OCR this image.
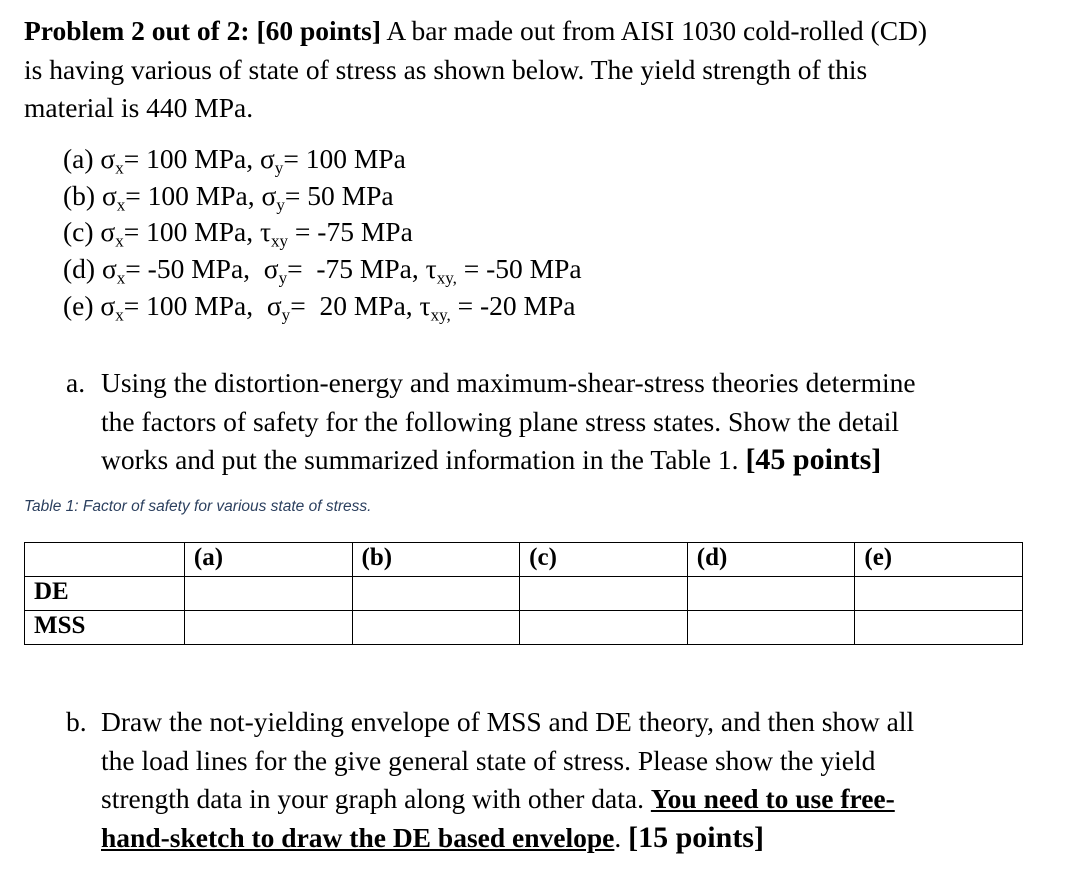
Problem 2 out of 2: [60 points] A bar made out from AISI 1030 cold-rolled (CD)
is having various of state of stress as shown below. The yield strength of this
material is 440 MPa.
(a) $\sigma_x= 100$ MPa, $\sigma_y= 100$ MPa
(b) $\sigma_x= 100$ MPa, $\sigma_y= 50$ MPa
(c) $\sigma_x= 100$ MPa, $\tau_{xy} = -75$ MPa
(d) $\sigma_x= -50$ MPa,  $\sigma_y= -75$ MPa, $\tau_{xy,} = -50$ MPa
(e) $\sigma_x= 100$ MPa,  $\sigma_y= 20$ MPa, $\tau_{xy,} = -20$ MPa
a. Using the distortion-energy and maximum-shear-stress theories determine
the factors of safety for the following plane stress states. Show the detail
works and put the summarized information in the Table 1. [45 points]
Table 1: Factor of safety for various state of stress.
	(a)	(b)	(c)	(d)	(e)
DE					
MSS					
b. Draw the not-yielding envelope of MSS and DE theory, and then show all
the load lines for the give general state of stress. Please show the yield
strength data in your graph along with other data. You need to use free-
hand-sketch to draw the DE based envelope. [15 points]
